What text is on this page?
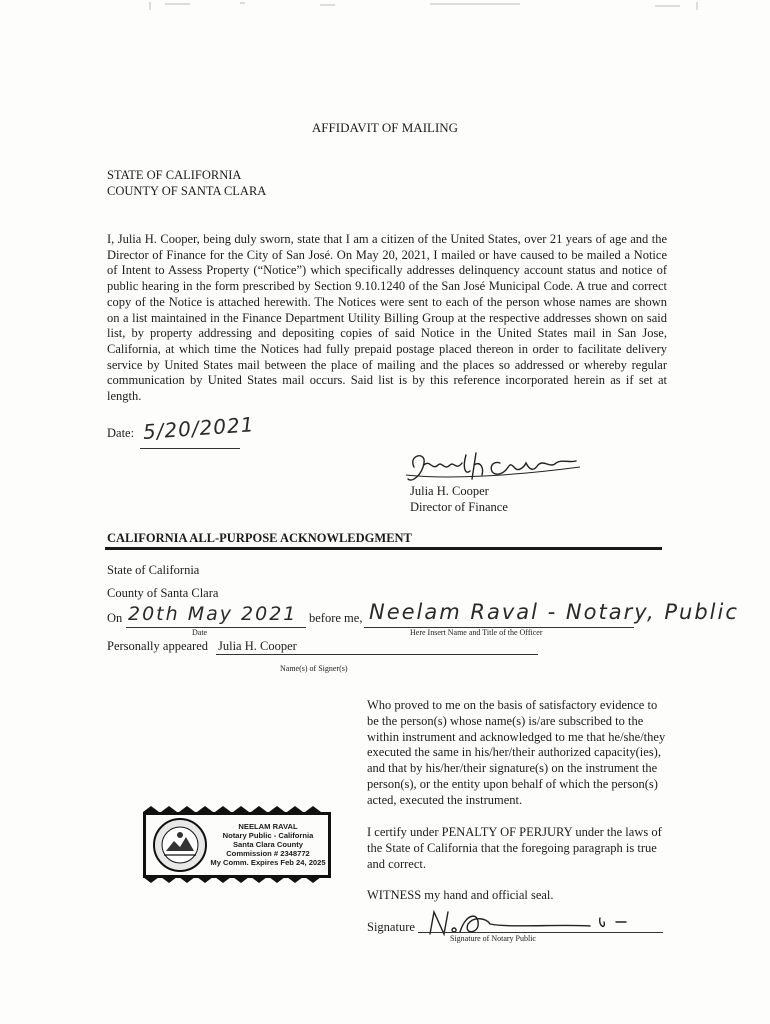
AFFIDAVIT OF MAILING
STATE OF CALIFORNIA
COUNTY OF SANTA CLARA
I, Julia H. Cooper, being duly sworn, state that I am a citizen of the United States, over 21 years of age and the Director of Finance for the City of San José. On May 20, 2021, I mailed or have caused to be mailed a Notice of Intent to Assess Property (“Notice”) which specifically addresses delinquency account status and notice of public hearing in the form prescribed by Section 9.10.1240 of the San José Municipal Code. A true and correct copy of the Notice is attached herewith. The Notices were sent to each of the person whose names are shown on a list maintained in the Finance Department Utility Billing Group at the respective addresses shown on said list, by property addressing and depositing copies of said Notice in the United States mail in San Jose, California, at which time the Notices had fully prepaid postage placed thereon in order to facilitate delivery service by United States mail between the place of mailing and the places so addressed or whereby regular communication by United States mail occurs. Said list is by this reference incorporated herein as if set at length.
Date: 5/20/2021
Julia H. Cooper
Director of Finance
CALIFORNIA ALL-PURPOSE ACKNOWLEDGMENT
State of California
County of Santa Clara
On 20th May 2021
Date
before me, Neelam Raval - Notary, Public
Here Insert Name and Title of the Officer
Personally appeared Julia H. Cooper
Name(s) of Signer(s)
Who proved to me on the basis of satisfactory evidence to be the person(s) whose name(s) is/are subscribed to the within instrument and acknowledged to me that he/she/they executed the same in his/her/their authorized capacity(ies), and that by his/her/their signature(s) on the instrument the person(s), or the entity upon behalf of which the person(s) acted, executed the instrument.
I certify under PENALTY OF PERJURY under the laws of the State of California that the foregoing paragraph is true and correct.
WITNESS my hand and official seal.
Signature
Signature of Notary Public
NEELAM RAVAL
Notary Public - California
Santa Clara County
Commission # 2348772
My Comm. Expires Feb 24, 2025
